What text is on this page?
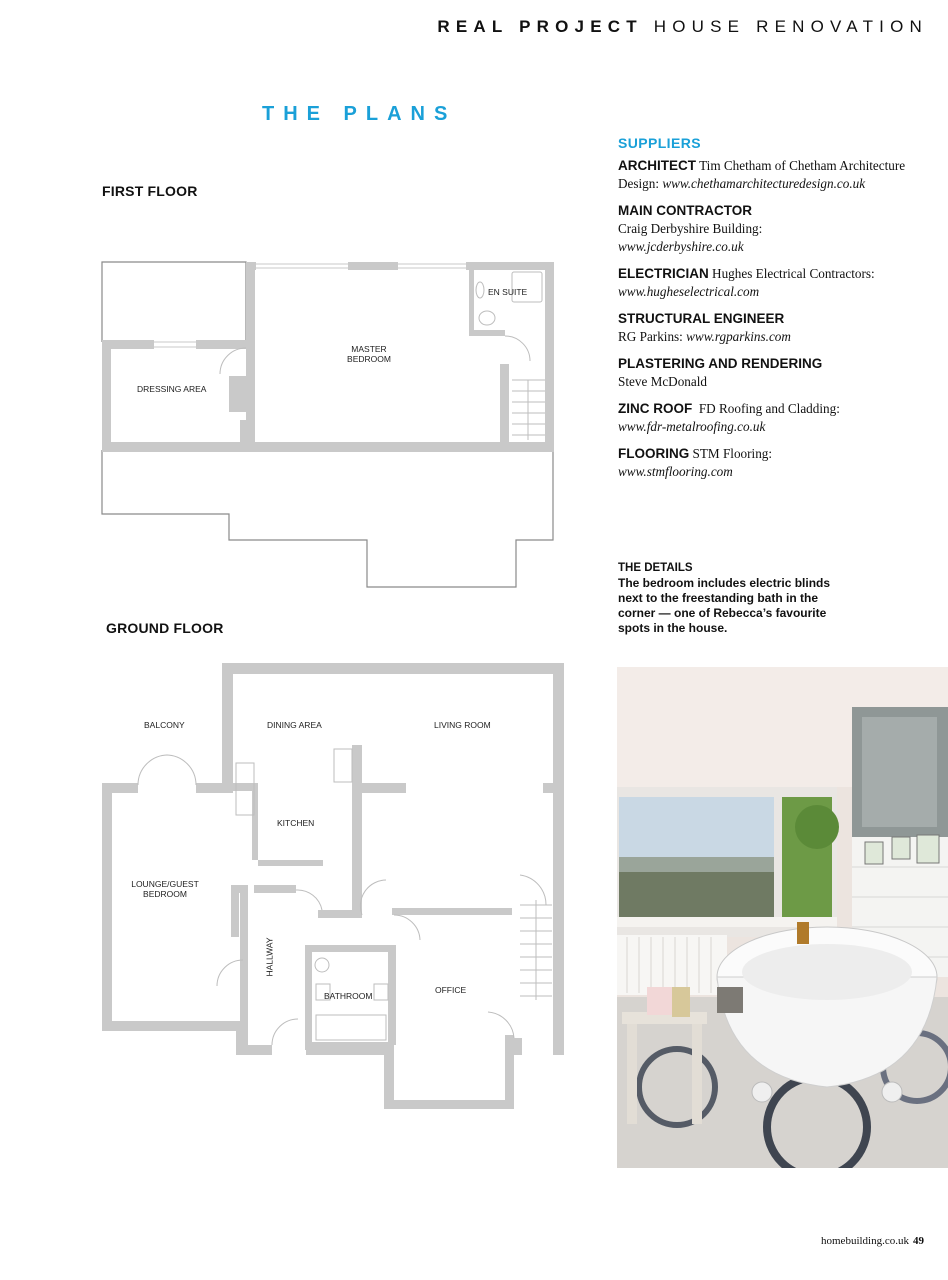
REAL PROJECT HOUSE RENOVATION
THE PLANS
FIRST FLOOR
GROUND FLOOR
EN SUITE
MASTER BEDROOM
DRESSING AREA
BALCONY	DINING AREA	LIVING ROOM
KITCHEN
LOUNGE/GUEST BEDROOM
HALLWAY
BATHROOM
OFFICE
SUPPLIERS
ARCHITECT Tim Chetham of Chetham Architecture Design: www.chethamarchitecturedesign.co.uk
MAIN CONTRACTOR
Craig Derbyshire Building:
www.jcderbyshire.co.uk
ELECTRICIAN Hughes Electrical Contractors: www.hugheselectrical.com
STRUCTURAL ENGINEER
RG Parkins: www.rgparkins.com
PLASTERING AND RENDERING
Steve McDonald
ZINC ROOF FD Roofing and Cladding:
www.fdr-metalroofing.co.uk
FLOORING STM Flooring:
www.stmflooring.com
THE DETAILS
The bedroom includes electric blinds next to the freestanding bath in the corner — one of Rebecca’s favourite spots in the house.
homebuilding.co.uk 49
